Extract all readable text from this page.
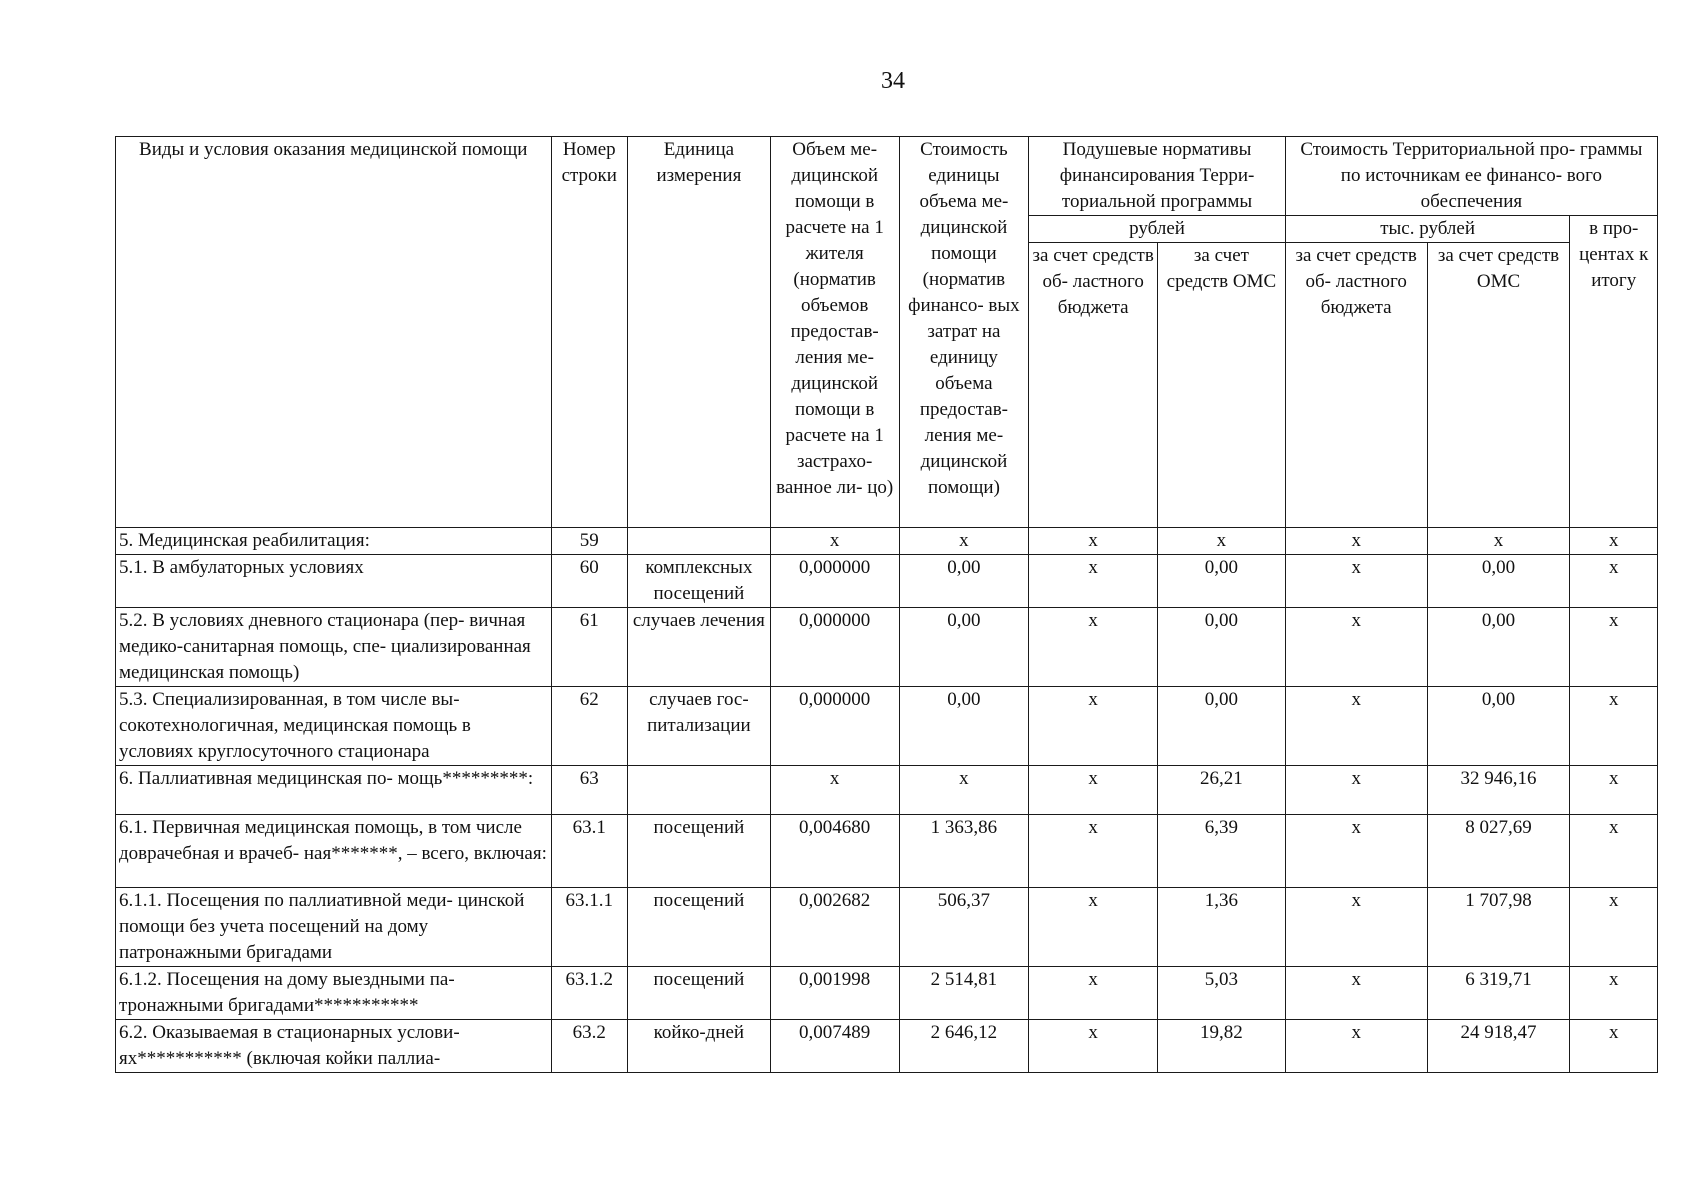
34
Виды и условия оказания медицинской помощи	Номер строки	Единица измерения	Объем ме- дицинской помощи в расчете на 1 жителя (норматив объемов предостав- ления ме- дицинской помощи в расчете на 1 застрахо- ванное ли- цо)	Стоимость единицы объема ме- дицинской помощи (норматив финансо- вых затрат на единицу объема предостав- ления ме- дицинской помощи)	Подушевые нормативы финансирования Терри- ториальной программы		Стоимость Территориальной про- граммы по источникам ее финансо- вого обеспечения		
					рублей		тыс. рублей		в про- центах к итогу
					за счет средств об- ластного бюджета	за счет средств ОМС	за счет средств об- ластного бюджета	за счет средств ОМС	
5. Медицинская реабилитация:	59		х	х	х	х	х	х	х
5.1. В амбулаторных условиях	60	комплексных посещений	0,000000	0,00	х	0,00	х	0,00	х
5.2. В условиях дневного стационара (пер- вичная медико-санитарная помощь, спе- циализированная медицинская помощь)	61	случаев лечения	0,000000	0,00	х	0,00	х	0,00	х
5.3. Специализированная, в том числе вы- сокотехнологичная, медицинская помощь в условиях круглосуточного стационара	62	случаев гос- питализации	0,000000	0,00	х	0,00	х	0,00	х
6. Паллиативная медицинская по- мощь*********:	63		х	х	х	26,21	х	32 946,16	х
6.1. Первичная медицинская помощь, в том числе доврачебная и врачеб- ная*******, – всего, включая:	63.1	посещений	0,004680	1 363,86	х	6,39	х	8 027,69	х
6.1.1. Посещения по паллиативной меди- цинской помощи без учета посещений на дому патронажными бригадами	63.1.1	посещений	0,002682	506,37	х	1,36	х	1 707,98	х
6.1.2. Посещения на дому выездными па- тронажными бригадами***********	63.1.2	посещений	0,001998	2 514,81	х	5,03	х	6 319,71	х
6.2. Оказываемая в стационарных услови- ях*********** (включая койки паллиа-	63.2	койко-дней	0,007489	2 646,12	х	19,82	х	24 918,47	х
